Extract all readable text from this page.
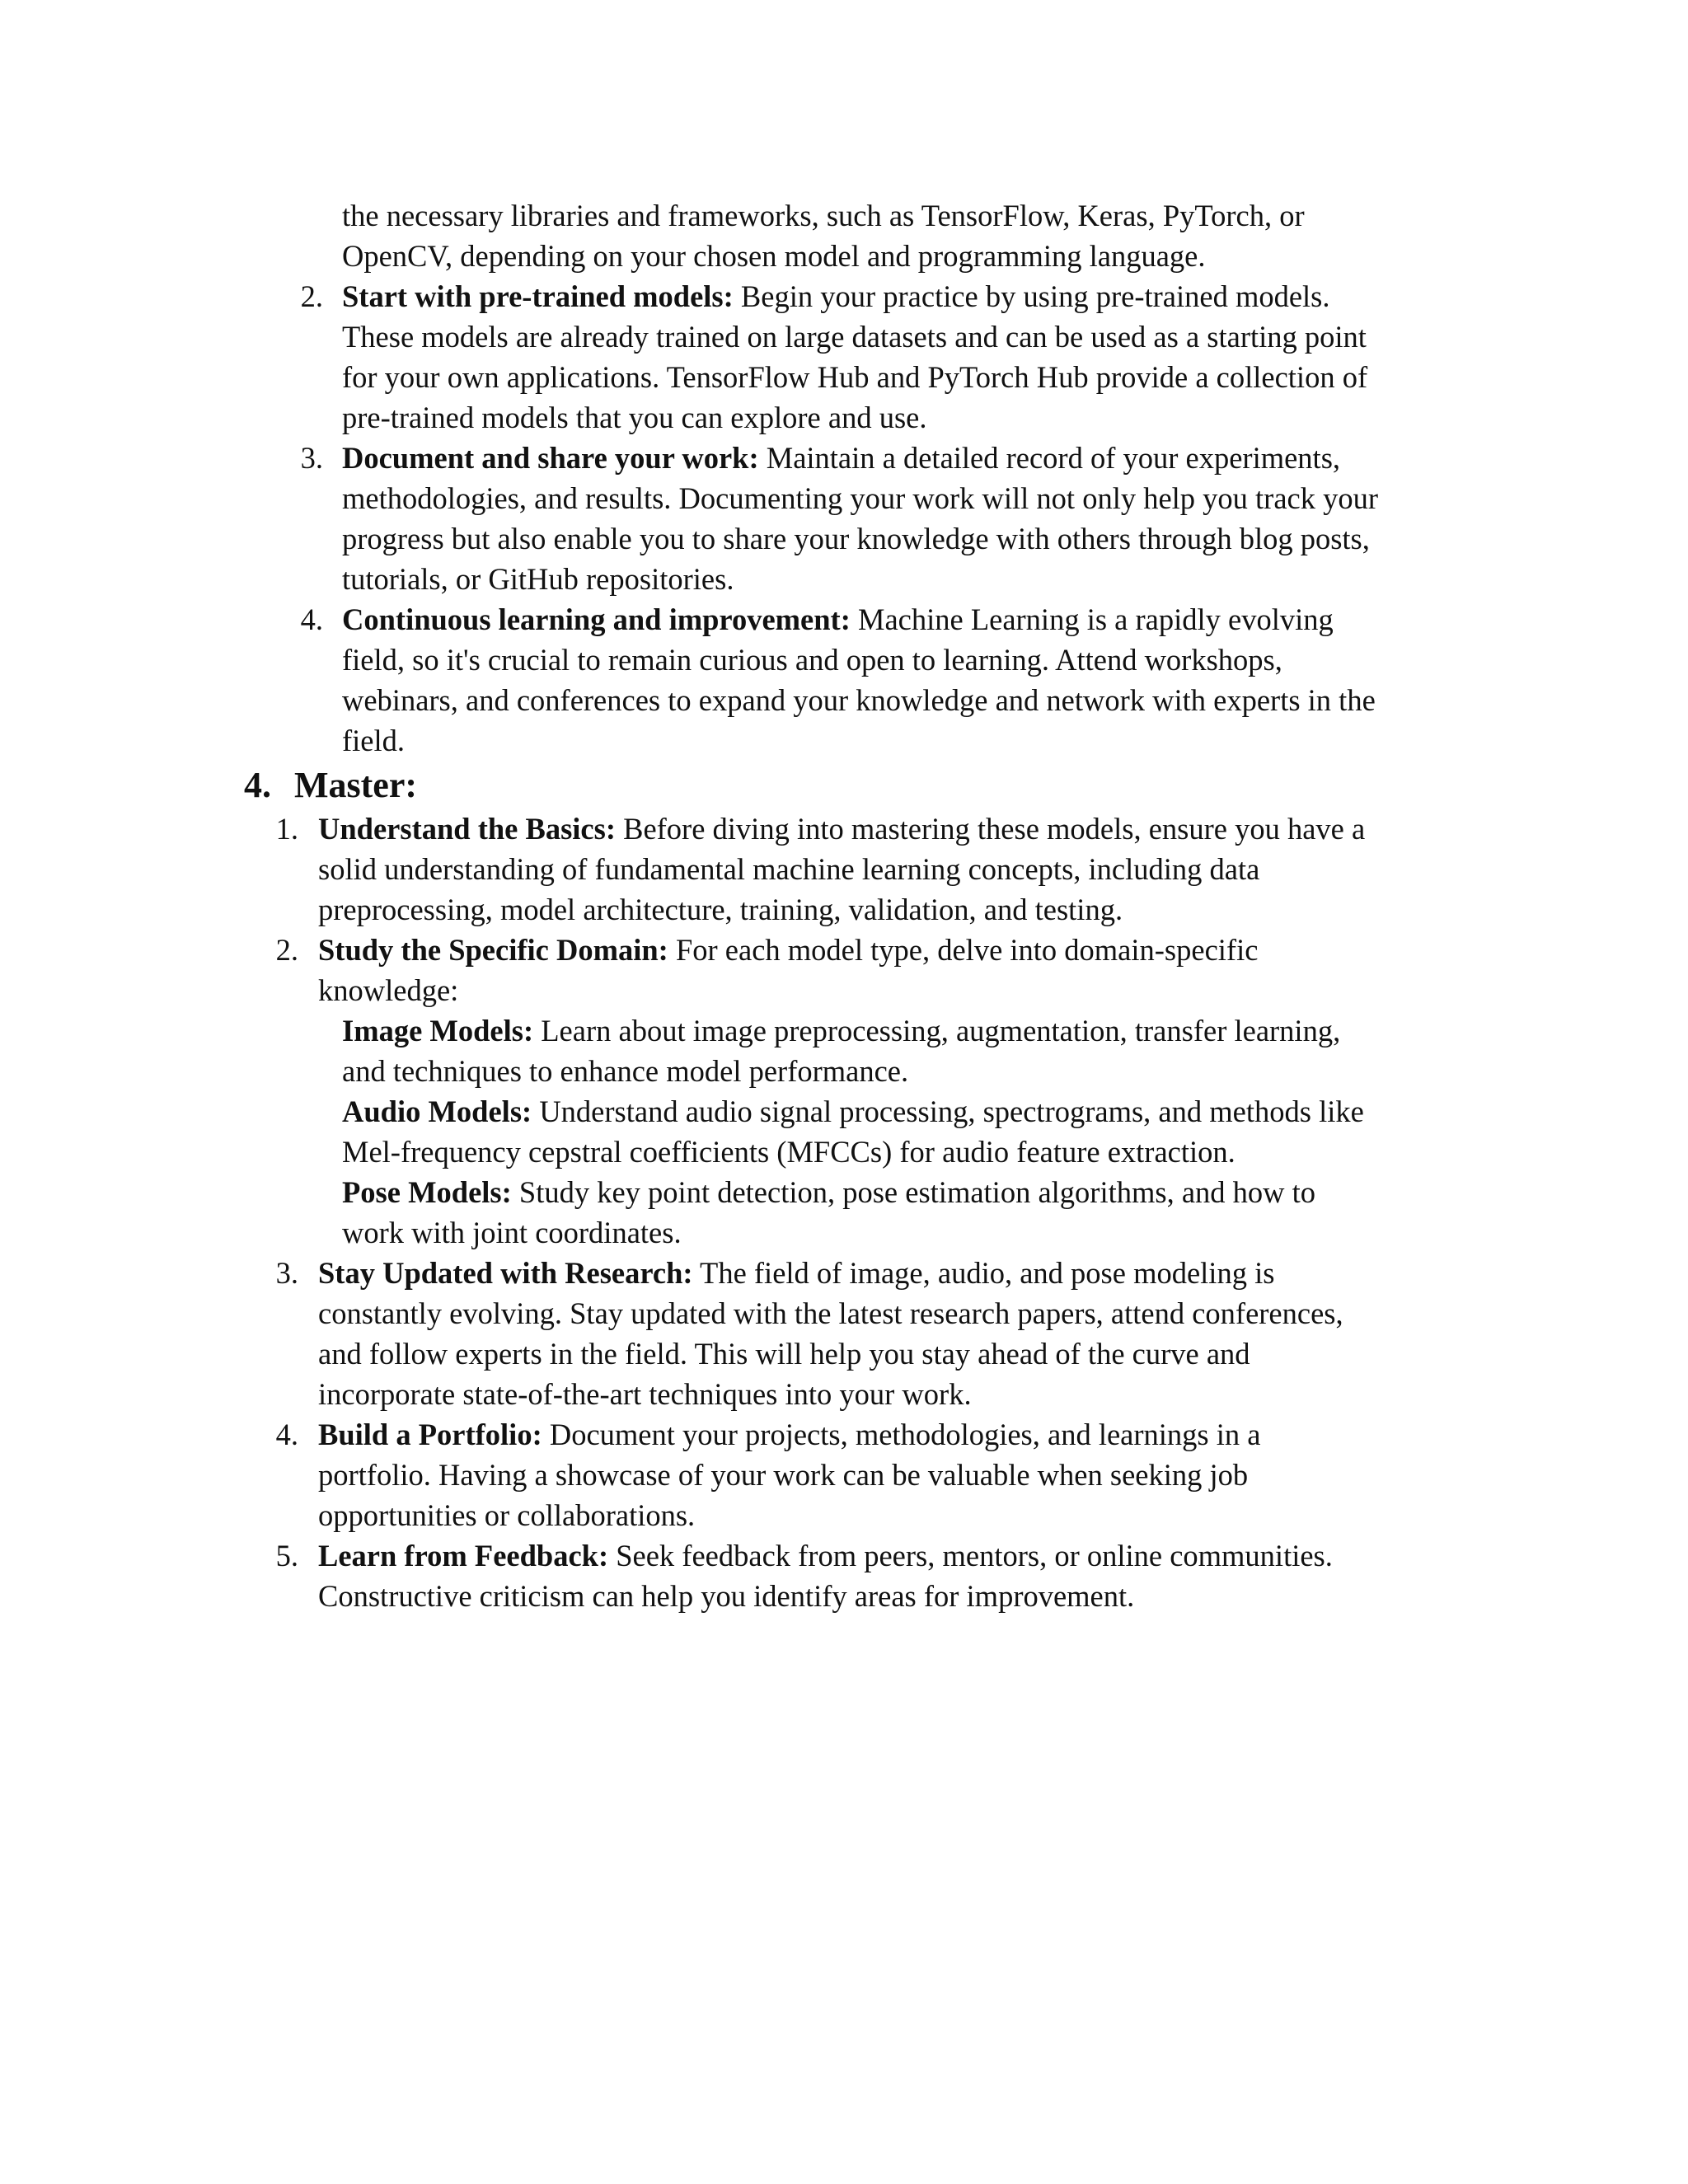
the necessary libraries and frameworks, such as TensorFlow, Keras, PyTorch, or
OpenCV, depending on your chosen model and programming language.
2. Start with pre-trained models: Begin your practice by using pre-trained models.
These models are already trained on large datasets and can be used as a starting point
for your own applications. TensorFlow Hub and PyTorch Hub provide a collection of
pre-trained models that you can explore and use.
3. Document and share your work: Maintain a detailed record of your experiments,
methodologies, and results. Documenting your work will not only help you track your
progress but also enable you to share your knowledge with others through blog posts,
tutorials, or GitHub repositories.
4. Continuous learning and improvement: Machine Learning is a rapidly evolving
field, so it's crucial to remain curious and open to learning. Attend workshops,
webinars, and conferences to expand your knowledge and network with experts in the
field.
4. Master:
1. Understand the Basics: Before diving into mastering these models, ensure you have a
solid understanding of fundamental machine learning concepts, including data
preprocessing, model architecture, training, validation, and testing.
2. Study the Specific Domain: For each model type, delve into domain-specific
knowledge:
Image Models: Learn about image preprocessing, augmentation, transfer learning,
and techniques to enhance model performance.
Audio Models: Understand audio signal processing, spectrograms, and methods like
Mel-frequency cepstral coefficients (MFCCs) for audio feature extraction.
Pose Models: Study key point detection, pose estimation algorithms, and how to
work with joint coordinates.
3. Stay Updated with Research: The field of image, audio, and pose modeling is
constantly evolving. Stay updated with the latest research papers, attend conferences,
and follow experts in the field. This will help you stay ahead of the curve and
incorporate state-of-the-art techniques into your work.
4. Build a Portfolio: Document your projects, methodologies, and learnings in a
portfolio. Having a showcase of your work can be valuable when seeking job
opportunities or collaborations.
5. Learn from Feedback: Seek feedback from peers, mentors, or online communities.
Constructive criticism can help you identify areas for improvement.
